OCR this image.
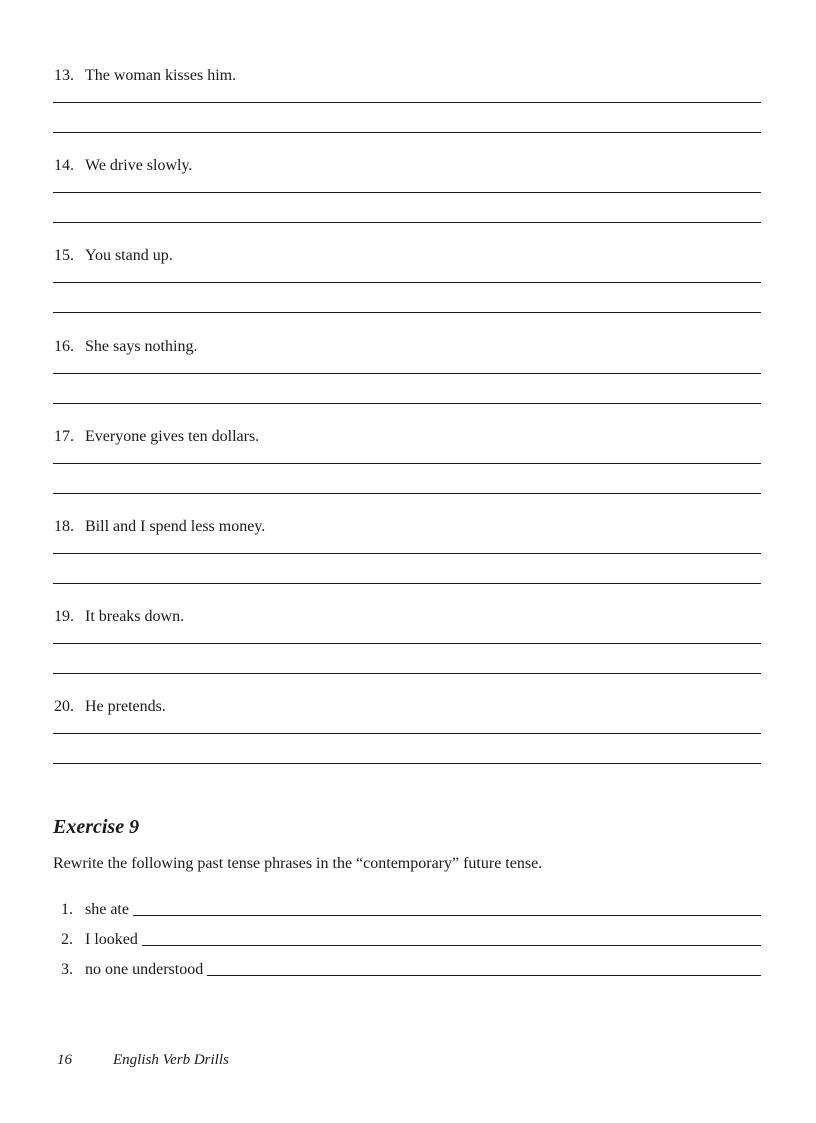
13. The woman kisses him.
14. We drive slowly.
15. You stand up.
16. She says nothing.
17. Everyone gives ten dollars.
18. Bill and I spend less money.
19. It breaks down.
20. He pretends.
Exercise 9
Rewrite the following past tense phrases in the “contemporary” future tense.
1. she ate
2. I looked
3. no one understood
16	English Verb Drills
